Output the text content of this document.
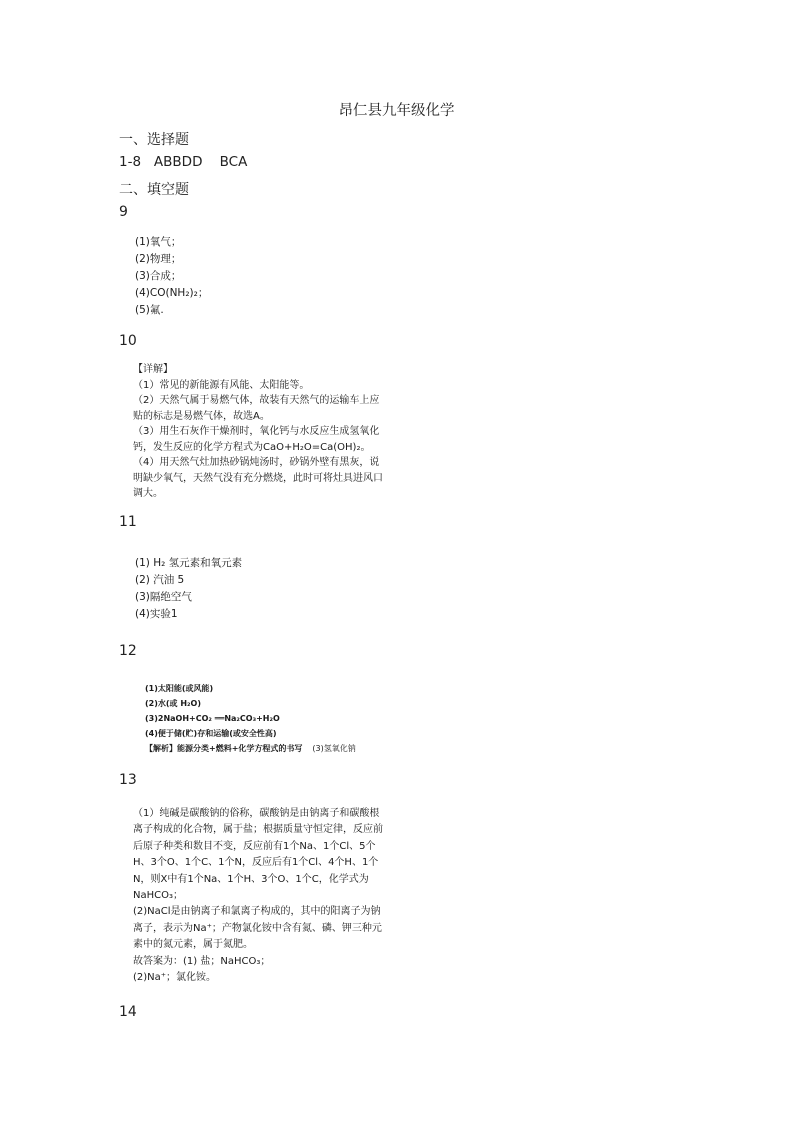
昂仁县九年级化学
一、选择题
1-8   ABBDD    BCA
二、填空题
9
(1)氧气；
(2)物理；
(3)合成；
(4)CO(NH₂)₂；
(5)氟.
10
【详解】
（1）常见的新能源有风能、太阳能等。
（2）天然气属于易燃气体，故装有天然气的运输车上应
贴的标志是易燃气体，故选A。
（3）用生石灰作干燥剂时，氧化钙与水反应生成氢氧化
钙，发生反应的化学方程式为CaO+H₂O=Ca(OH)₂。
（4）用天然气灶加热砂锅炖汤时，砂锅外壁有黑灰，说
明缺少氧气，天然气没有充分燃烧，此时可将灶具进风口
调大。
11
(1) H₂ 氢元素和氧元素
(2) 汽油 5
(3)隔绝空气
(4)实验1
12
(1)太阳能(或风能)
(2)水(或 H₂O)
(3)2NaOH+CO₂ ══Na₂CO₃+H₂O
(4)便于储(贮)存和运输(或安全性高)
【解析】能源分类+燃料+化学方程式的书写 (3)氢氧化钠
13
（1）纯碱是碳酸钠的俗称，碳酸钠是由钠离子和碳酸根
离子构成的化合物，属于盐；根据质量守恒定律，反应前
后原子种类和数目不变，反应前有1个Na、1个Cl、5个
H、3个O、1个C、1个N，反应后有1个Cl、4个H、1个
N，则X中有1个Na、1个H、3个O、1个C，化学式为
NaHCO₃；
(2)NaCl是由钠离子和氯离子构成的，其中的阳离子为钠
离子，表示为Na⁺；产物氯化铵中含有氮、磷、钾三种元
素中的氮元素，属于氮肥。
故答案为：(1) 盐；NaHCO₃；
(2)Na⁺；氯化铵。
14
